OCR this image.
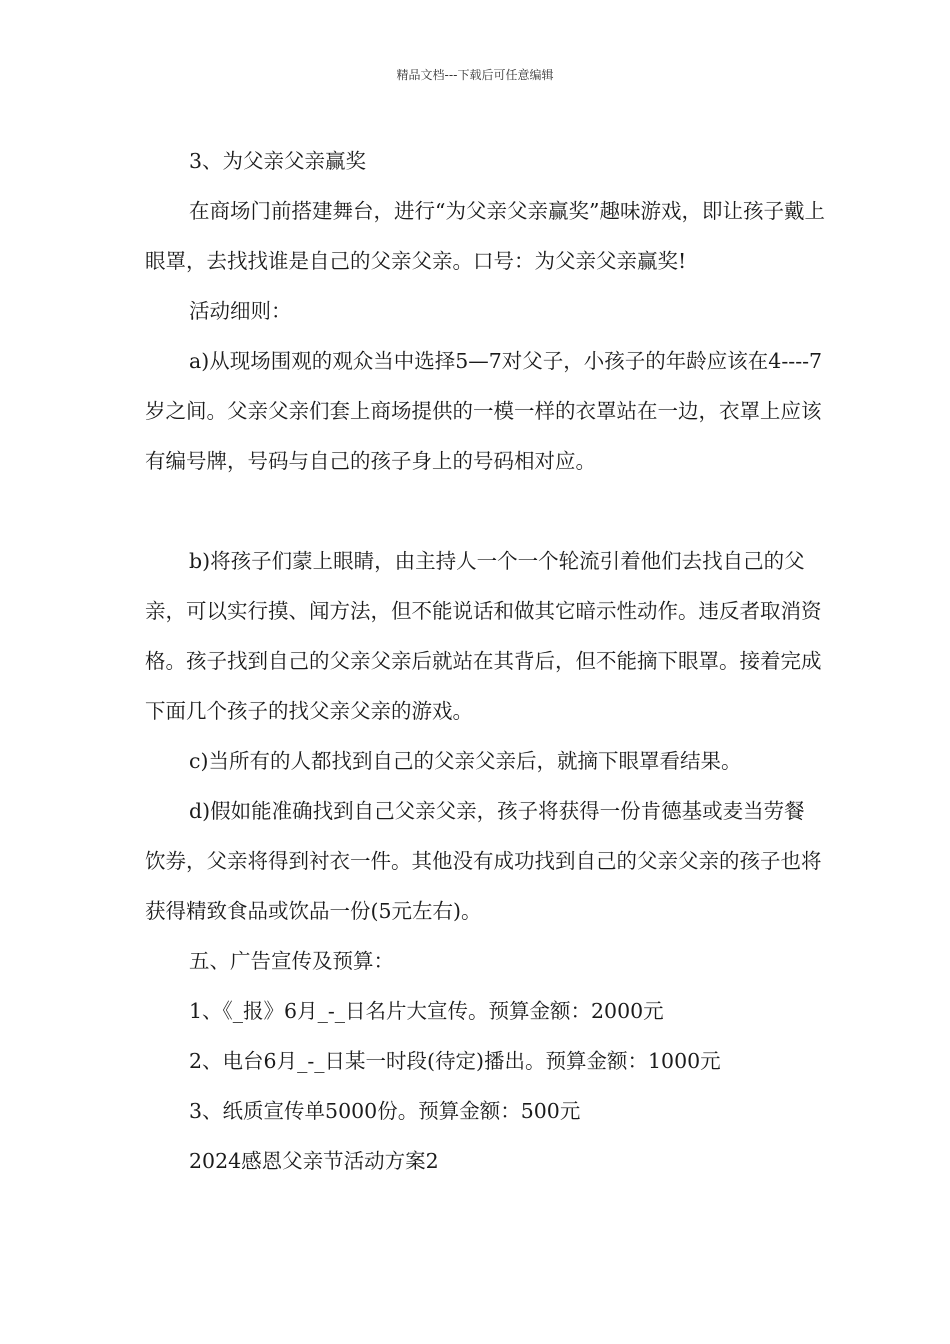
精品文档---下载后可任意编辑

3、为父亲父亲赢奖

在商场门前搭建舞台，进行“为父亲父亲赢奖”趣味游戏，即让孩子戴上眼罩，去找找谁是自己的父亲父亲。口号：为父亲父亲赢奖!

活动细则：

a)从现场围观的观众当中选择5—7对父子，小孩子的年龄应该在4----7岁之间。父亲父亲们套上商场提供的一模一样的衣罩站在一边，衣罩上应该有编号牌，号码与自己的孩子身上的号码相对应。

b)将孩子们蒙上眼睛，由主持人一个一个轮流引着他们去找自己的父亲，可以实行摸、闻方法，但不能说话和做其它暗示性动作。违反者取消资格。孩子找到自己的父亲父亲后就站在其背后，但不能摘下眼罩。接着完成下面几个孩子的找父亲父亲的游戏。

c)当所有的人都找到自己的父亲父亲后，就摘下眼罩看结果。

d)假如能准确找到自己父亲父亲，孩子将获得一份肯德基或麦当劳餐饮券，父亲将得到衬衣一件。其他没有成功找到自己的父亲父亲的孩子也将获得精致食品或饮品一份(5元左右)。

五、广告宣传及预算：

1、《_报》6月_-_日名片大宣传。预算金额：2000元

2、电台6月_-_日某一时段(待定)播出。预算金额：1000元

3、纸质宣传单5000份。预算金额：500元

2024感恩父亲节活动方案2
